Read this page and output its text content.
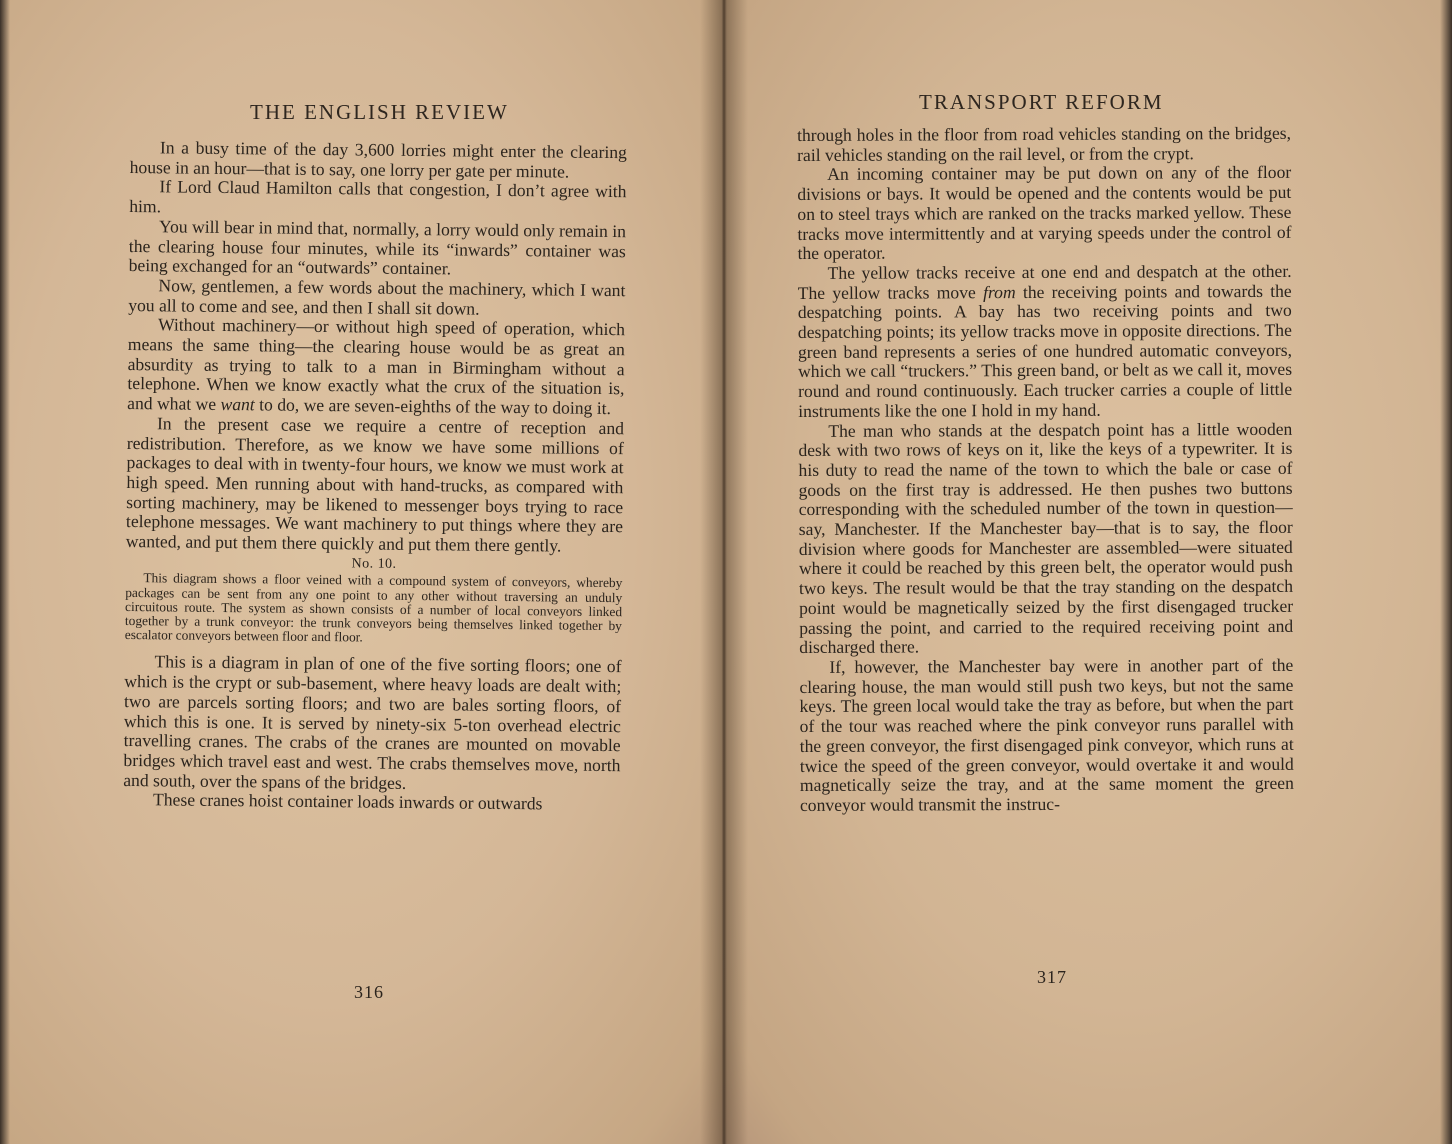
THE ENGLISH REVIEW

In a busy time of the day 3,600 lorries might enter the clearing house in an hour—that is to say, one lorry per gate per minute.

If Lord Claud Hamilton calls that congestion, I don’t agree with him.

You will bear in mind that, normally, a lorry would only remain in the clearing house four minutes, while its “inwards” container was being exchanged for an “outwards” container.

Now, gentlemen, a few words about the machinery, which I want you all to come and see, and then I shall sit down.

Without machinery—or without high speed of operation, which means the same thing—the clearing house would be as great an absurdity as trying to talk to a man in Birmingham without a telephone. When we know exactly what the crux of the situation is, and what we want to do, we are seven-eighths of the way to doing it.

In the present case we require a centre of reception and redistribution. Therefore, as we know we have some millions of packages to deal with in twenty-four hours, we know we must work at high speed. Men running about with hand-trucks, as compared with sorting machinery, may be likened to messenger boys trying to race telephone messages. We want machinery to put things where they are wanted, and put them there quickly and put them there gently.

No. 10.

This diagram shows a floor veined with a compound system of conveyors, whereby packages can be sent from any one point to any other without traversing an unduly circuitous route. The system as shown consists of a number of local conveyors linked together by a trunk conveyor: the trunk conveyors being themselves linked together by escalator conveyors between floor and floor.

This is a diagram in plan of one of the five sorting floors; one of which is the crypt or sub-basement, where heavy loads are dealt with; two are parcels sorting floors; and two are bales sorting floors, of which this is one. It is served by ninety-six 5-ton overhead electric travelling cranes. The crabs of the cranes are mounted on movable bridges which travel east and west. The crabs themselves move, north and south, over the spans of the bridges.

These cranes hoist container loads inwards or outwards

316
TRANSPORT REFORM

through holes in the floor from road vehicles standing on the bridges, rail vehicles standing on the rail level, or from the crypt.

An incoming container may be put down on any of the floor divisions or bays. It would be opened and the contents would be put on to steel trays which are ranked on the tracks marked yellow. These tracks move intermittently and at varying speeds under the control of the operator.

The yellow tracks receive at one end and despatch at the other. The yellow tracks move from the receiving points and towards the despatching points. A bay has two receiving points and two despatching points; its yellow tracks move in opposite directions. The green band represents a series of one hundred automatic conveyors, which we call “truckers.” This green band, or belt as we call it, moves round and round continuously. Each trucker carries a couple of little instruments like the one I hold in my hand.

The man who stands at the despatch point has a little wooden desk with two rows of keys on it, like the keys of a typewriter. It is his duty to read the name of the town to which the bale or case of goods on the first tray is addressed. He then pushes two buttons corresponding with the scheduled number of the town in question—say, Manchester. If the Manchester bay—that is to say, the floor division where goods for Manchester are assembled—were situated where it could be reached by this green belt, the operator would push two keys. The result would be that the tray standing on the despatch point would be magnetically seized by the first disengaged trucker passing the point, and carried to the required receiving point and discharged there.

If, however, the Manchester bay were in another part of the clearing house, the man would still push two keys, but not the same keys. The green local would take the tray as before, but when the part of the tour was reached where the pink conveyor runs parallel with the green conveyor, the first disengaged pink conveyor, which runs at twice the speed of the green conveyor, would overtake it and would magnetically seize the tray, and at the same moment the green conveyor would transmit the instruc-

317
